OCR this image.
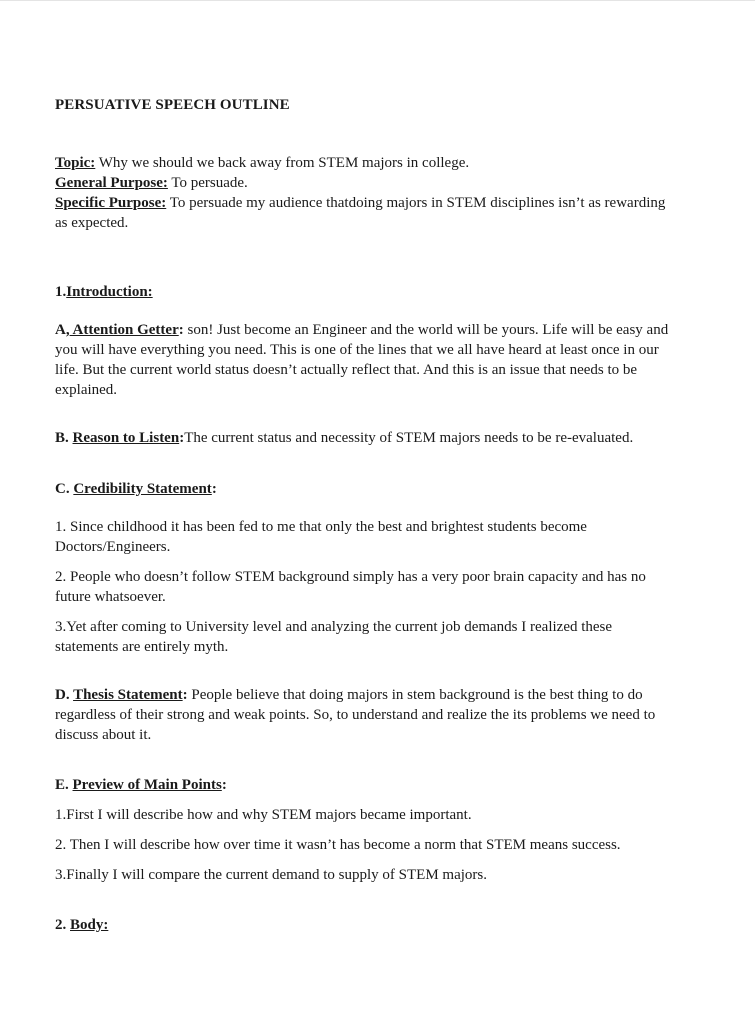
PERSUATIVE SPEECH OUTLINE

Topic: Why we should we back away from STEM majors in college.

General Purpose: To persuade.

Specific Purpose: To persuade my audience thatdoing majors in STEM disciplines isn’t as rewarding as expected.

1.Introduction:

A, Attention Getter: son! Just become an Engineer and the world will be yours. Life will be easy and you will have everything you need. This is one of the lines that we all have heard at least once in our life. But the current world status doesn’t actually reflect that. And this is an issue that needs to be explained.

B. Reason to Listen:The current status and necessity of STEM majors needs to be re-evaluated.

C. Credibility Statement:

1. Since childhood it has been fed to me that only the best and brightest students become Doctors/Engineers.

2. People who doesn’t follow STEM background simply has a very poor brain capacity and has no future whatsoever.

3.Yet after coming to University level and analyzing the current job demands I realized these statements are entirely myth.

D. Thesis Statement: People believe that doing majors in stem background is the best thing to do regardless of their strong and weak points. So, to understand and realize the its problems we need to discuss about it.

E. Preview of Main Points:

1.First I will describe how and why STEM majors became important.

2. Then I will describe how over time it wasn’t has become a norm that STEM means success.

3.Finally I will compare the current demand to supply of STEM majors.

2. Body:
